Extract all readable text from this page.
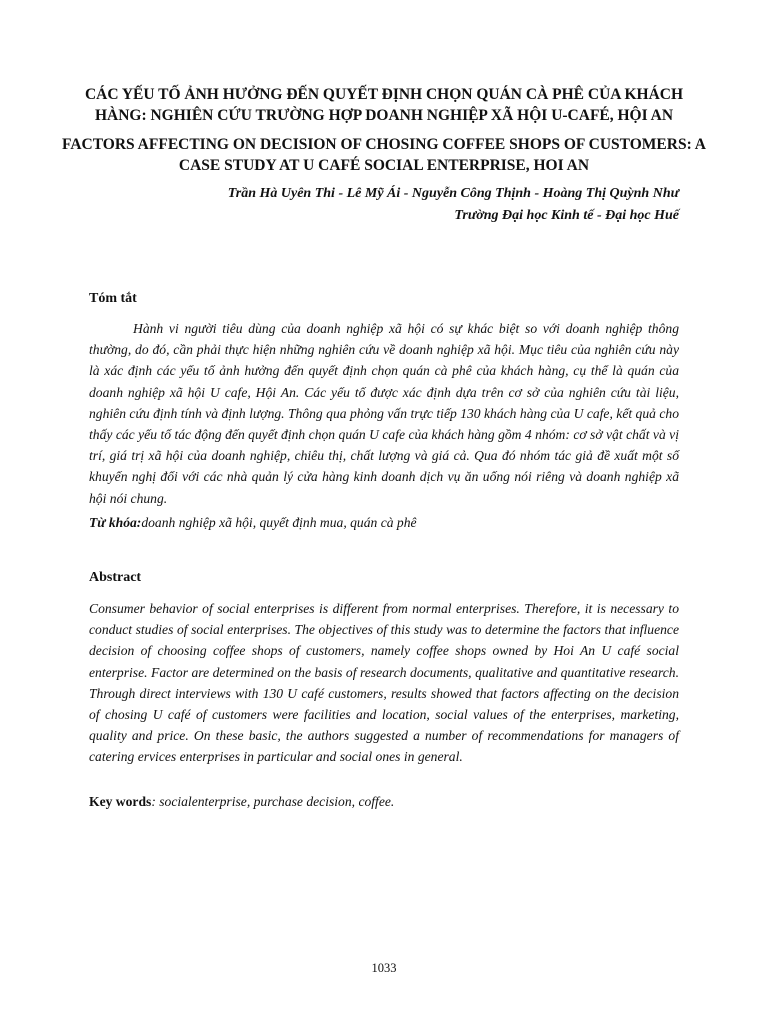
CÁC YẾU TỐ ẢNH HƯỞNG ĐẾN QUYẾT ĐỊNH CHỌN QUÁN CÀ PHÊ CỦA KHÁCH HÀNG: NGHIÊN CỨU TRƯỜNG HỢP DOANH NGHIỆP XÃ HỘI U-CAFÉ, HỘI AN
FACTORS AFFECTING ON DECISION OF CHOSING COFFEE SHOPS OF CUSTOMERS: A CASE STUDY AT U CAFÉ SOCIAL ENTERPRISE, HOI AN

Trần Hà Uyên Thi - Lê Mỹ Ái - Nguyễn Công Thịnh - Hoàng Thị Quỳnh Như

Trường Đại học Kinh tế - Đại học Huế

Tóm tắt

Hành vi người tiêu dùng của doanh nghiệp xã hội có sự khác biệt so với doanh nghiệp thông thường, do đó, cần phải thực hiện những nghiên cứu về doanh nghiệp xã hội. Mục tiêu của nghiên cứu này là xác định các yếu tố ảnh hưởng đến quyết định chọn quán cà phê của khách hàng, cụ thể là quán của doanh nghiệp xã hội U cafe, Hội An. Các yếu tố được xác định dựa trên cơ sở của nghiên cứu tài liệu, nghiên cứu định tính và định lượng. Thông qua phỏng vấn trực tiếp 130 khách hàng của U cafe, kết quả cho thấy các yếu tố tác động đến quyết định chọn quán U cafe của khách hàng gồm 4 nhóm: cơ sở vật chất và vị trí, giá trị xã hội của doanh nghiệp, chiêu thị, chất lượng và giá cả. Qua đó nhóm tác giả đề xuất một số khuyến nghị đối với các nhà quản lý cửa hàng kinh doanh dịch vụ ăn uống nói riêng và doanh nghiệp xã hội nói chung.

Từ khóa:doanh nghiệp xã hội, quyết định mua, quán cà phê

Abstract

Consumer behavior of social enterprises is different from normal enterprises. Therefore, it is necessary to conduct studies of social enterprises. The objectives of this study was to determine the factors that influence decision of choosing coffee shops of customers, namely coffee shops owned by Hoi An U café social enterprise. Factor are determined on the basis of research documents, qualitative and quantitative research. Through direct interviews with 130 U café customers, results showed that factors affecting on the decision of chosing U café of customers were facilities and location, social values of the enterprises, marketing, quality and price. On these basic, the authors suggested a number of recommendations for managers of catering ervices enterprises in particular and social ones in general.

Key words: socialenterprise, purchase decision, coffee.

1033
